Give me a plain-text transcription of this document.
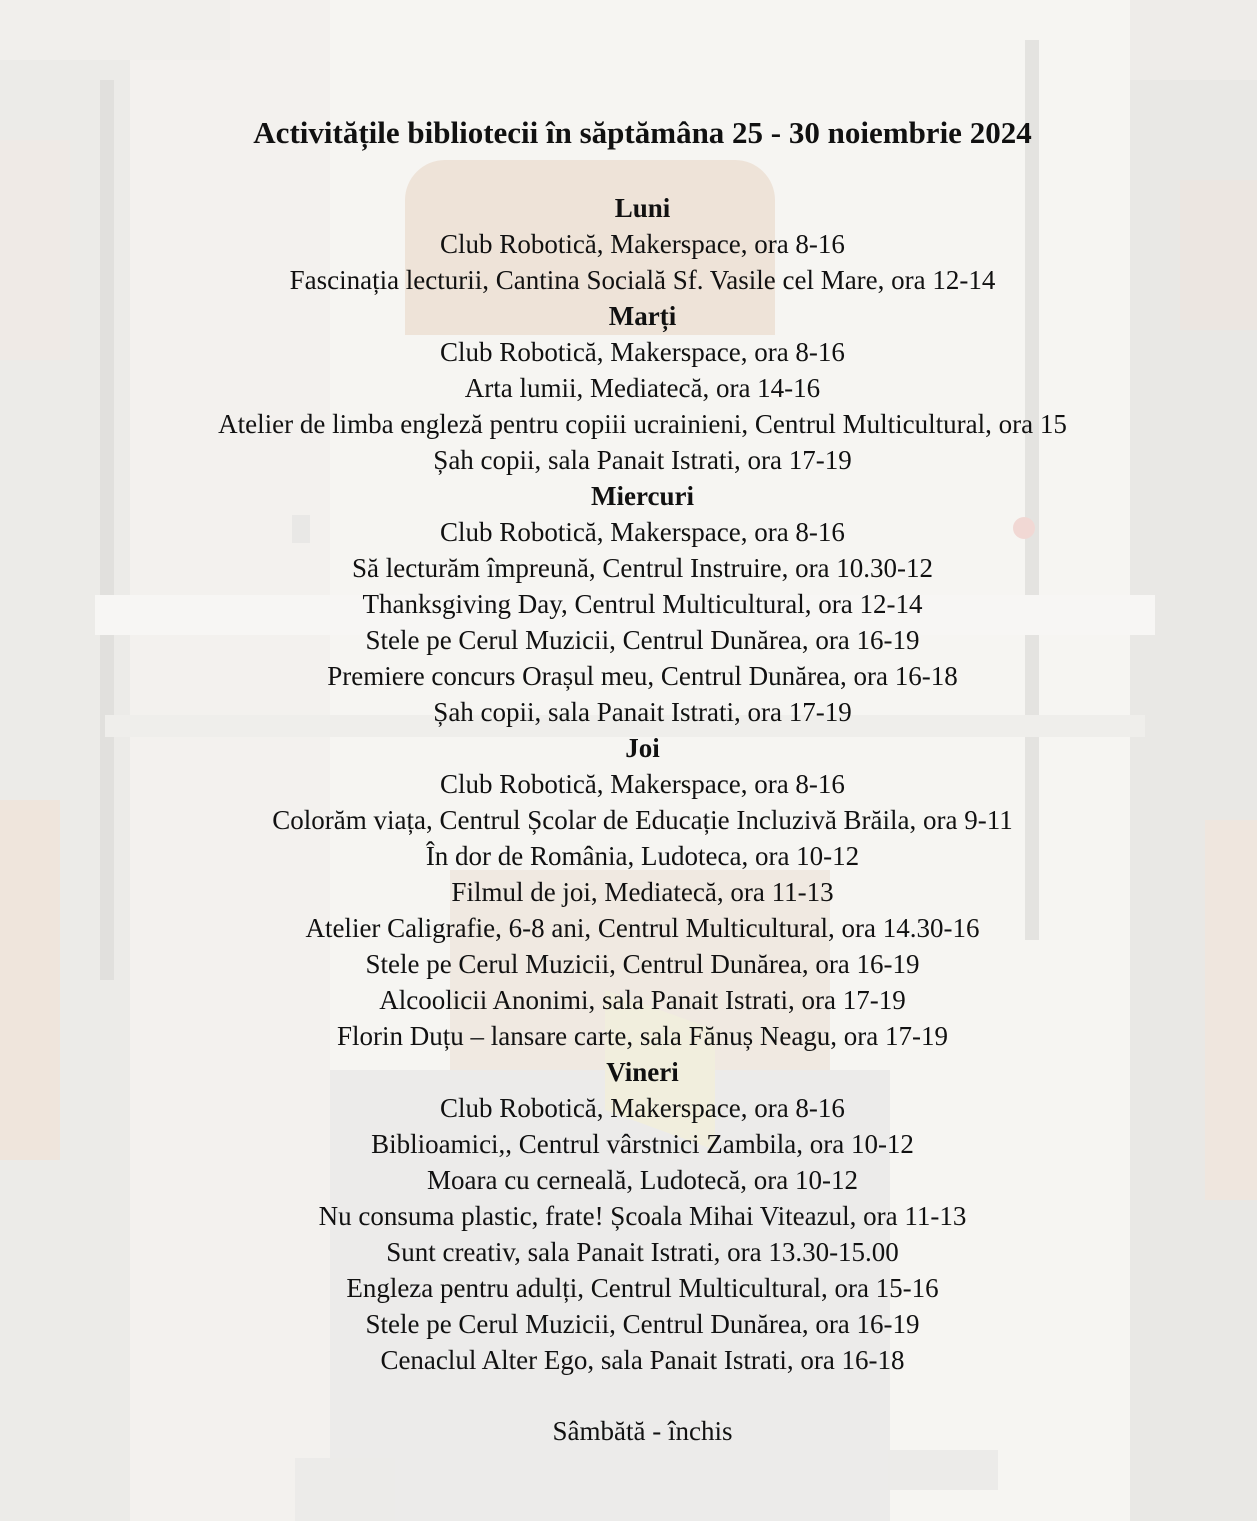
Activitățile bibliotecii în săptămâna 25 - 30 noiembrie 2024
Luni
Club Robotică, Makerspace, ora 8-16
Fascinația lecturii, Cantina Socială Sf. Vasile cel Mare, ora 12-14
Marți
Club Robotică, Makerspace, ora 8-16
Arta lumii, Mediatecă, ora 14-16
Atelier de limba engleză pentru copiii ucrainieni, Centrul Multicultural, ora 15
Șah copii, sala Panait Istrati, ora 17-19
Miercuri
Club Robotică, Makerspace, ora 8-16
Să lecturăm împreună, Centrul Instruire, ora 10.30-12
Thanksgiving Day, Centrul Multicultural, ora 12-14
Stele pe Cerul Muzicii, Centrul Dunărea, ora 16-19
Premiere concurs Orașul meu, Centrul Dunărea, ora 16-18
Șah copii, sala Panait Istrati, ora 17-19
Joi
Club Robotică, Makerspace, ora 8-16
Colorăm viața, Centrul Școlar de Educație Incluzivă Brăila, ora 9-11
În dor de România, Ludoteca, ora 10-12
Filmul de joi, Mediatecă, ora 11-13
Atelier Caligrafie, 6-8 ani, Centrul Multicultural, ora 14.30-16
Stele pe Cerul Muzicii, Centrul Dunărea, ora 16-19
Alcoolicii Anonimi, sala Panait Istrati, ora 17-19
Florin Duțu – lansare carte, sala Fănuș Neagu, ora 17-19
Vineri
Club Robotică, Makerspace, ora 8-16
Biblioamici,, Centrul vârstnici Zambila, ora 10-12
Moara cu cerneală, Ludotecă, ora 10-12
Nu consuma plastic, frate! Școala Mihai Viteazul, ora 11-13
Sunt creativ, sala Panait Istrati, ora 13.30-15.00
Engleza pentru adulți, Centrul Multicultural, ora 15-16
Stele pe Cerul Muzicii, Centrul Dunărea, ora 16-19
Cenaclul Alter Ego, sala Panait Istrati, ora 16-18
Sâmbătă - închis
